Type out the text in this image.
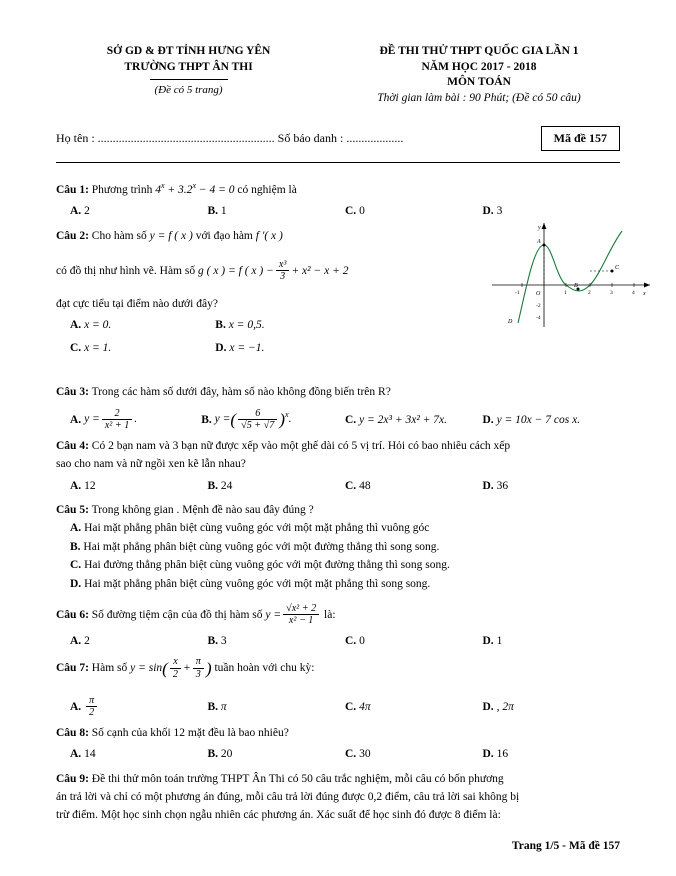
SỞ GD & ĐT TỈNH HƯNG YÊN
TRƯỜNG THPT ÂN THI
(Đề có 5 trang)
ĐỀ THI THỬ THPT QUỐC GIA LẦN 1
NĂM HỌC 2017 - 2018
MÔN TOÁN
Thời gian làm bài : 90 Phút; (Đề có 50 câu)
Họ tên : ........................................................... Số báo danh : ...................	Mã đề 157
A
B
C
O
y
x
1	2	3	4
-1
-4
-2
D
Câu 1: Phương trình $4^x + 3.2^x - 4 = 0$ có nghiệm là
A. 2	B. 1	C. 0	D. 3
Câu 2: Cho hàm số y = f ( x ) với đạo hàm f ′( x )
có đồ thị như hình vẽ. Hàm số g ( x ) = f ( x ) − $\frac{\text{x³}}{3} + x^2 - x + 2$
đạt cực tiểu tại điểm nào dưới đây?
A. x = 0.	B. x = 0,5.
C. x = 1.	D. x = −1.
Câu 3: Trong các hàm số dưới đây, hàm số nào không đồng biến trên R?
A. $y = \frac{2}{\text{x² + 1}}$ .	B. y =( $\frac{6}{√5 + √7} )^x$.	C. y = 2x³ + 3x² + 7x.	D. y = 10x − 7 cos x.
Câu 4: Có 2 bạn nam và 3 bạn nữ được xếp vào một ghế dài có 5 vị trí. Hỏi có bao nhiêu cách xếp
sao cho nam và nữ ngồi xen kẽ lẫn nhau?
A. 12	B. 24	C. 48	D. 36
Câu 5: Trong không gian . Mệnh đề nào sau đây đúng ?
A. Hai mặt phẳng phân biệt cùng vuông góc với một mặt phẳng thì vuông góc
B. Hai mặt phẳng phân biệt cùng vuông góc với một đường thẳng thì song song.
C. Hai đường thẳng phân biệt cùng vuông góc với một đường thẳng thì song song.
D. Hai mặt phẳng phân biệt cùng vuông góc với một mặt phẳng thì song song.
Câu 6: Số đường tiệm cận của đồ thị hàm số $y = \frac{\text{√x² + 2}}{\text{x² − 1}}$ là:
A. 2	B. 3	C. 0	D. 1
Câu 7: Hàm số $y = \sin( \frac{x}{2} + \frac{\pi}{3}$ ) tuần hoàn với chu kỳ:
A. $\frac{\pi}{2}$	B. π	C. 4π	D. , 2π
Câu 8: Số cạnh của khối 12 mặt đều là bao nhiêu?
A. 14	B. 20	C. 30	D. 16
Câu 9: Đề thi thử môn toán trường THPT Ân Thi có 50 câu trắc nghiệm, mỗi câu có bốn phương
án trả lời và chỉ có một phương án đúng, mỗi câu trả lời đúng được 0,2 điểm, câu trả lời sai không bị
trừ điểm. Một học sinh chọn ngẫu nhiên các phương án. Xác suất để học sinh đó được 8 điểm là:
Trang 1/5 - Mã đề 157
